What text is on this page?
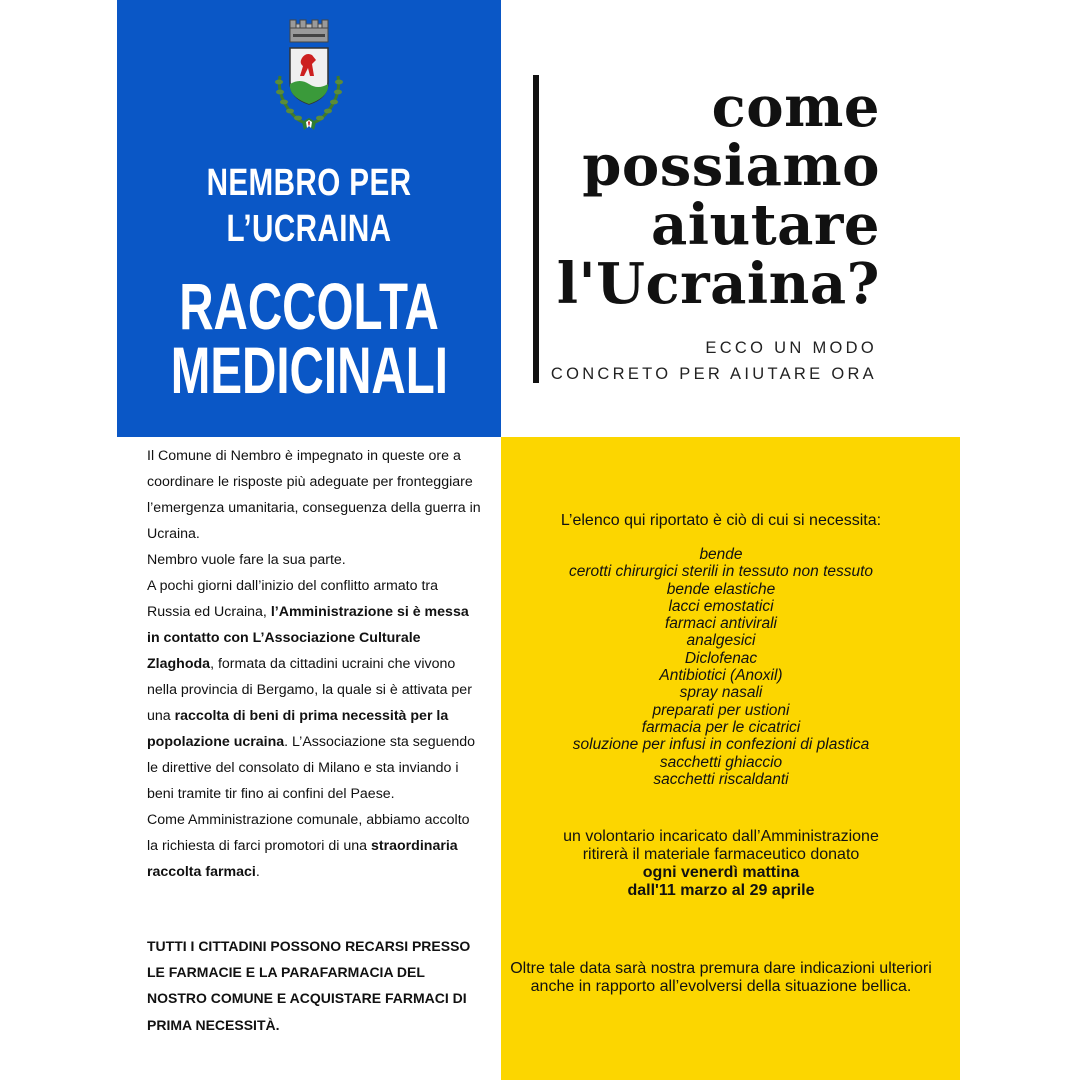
NEMBRO PER
L’UCRAINA
RACCOLTA
MEDICINALI
come
possiamo
aiutare
l'Ucraina?
ECCO UN MODO
CONCRETO PER AIUTARE ORA
L’elenco qui riportato è ciò di cui si necessita:
bende
cerotti chirurgici sterili in tessuto non tessuto
bende elastiche
lacci emostatici
farmaci antivirali
analgesici
Diclofenac
Antibiotici (Anoxil)
spray nasali
preparati per ustioni
farmacia per le cicatrici
soluzione per infusi in confezioni di plastica
sacchetti ghiaccio
sacchetti riscaldanti
un volontario incaricato dall’Amministrazione
ritirerà il materiale farmaceutico donato
ogni venerdì mattina
dall'11 marzo al 29 aprile
Oltre tale data sarà nostra premura dare indicazioni ulteriori anche in rapporto all’evolversi della situazione bellica.

Il Comune di Nembro è impegnato in queste ore a coordinare le risposte più adeguate per fronteggiare l’emergenza umanitaria, conseguenza della guerra in Ucraina.

Nembro vuole fare la sua parte.

A pochi giorni dall’inizio del conflitto armato tra Russia ed Ucraina, l’Amministrazione si è messa in contatto con L’Associazione Culturale Zlaghoda, formata da cittadini ucraini che vivono nella provincia di Bergamo, la quale si è attivata per una raccolta di beni di prima necessità per la popolazione ucraina. L’Associazione sta seguendo le direttive del consolato di Milano e sta inviando i beni tramite tir fino ai confini del Paese.

Come Amministrazione comunale, abbiamo accolto la richiesta di farci promotori di una straordinaria raccolta farmaci.

TUTTI I CITTADINI POSSONO RECARSI PRESSO LE FARMACIE E LA PARAFARMACIA DEL NOSTRO COMUNE E ACQUISTARE FARMACI DI PRIMA NECESSITÀ.
